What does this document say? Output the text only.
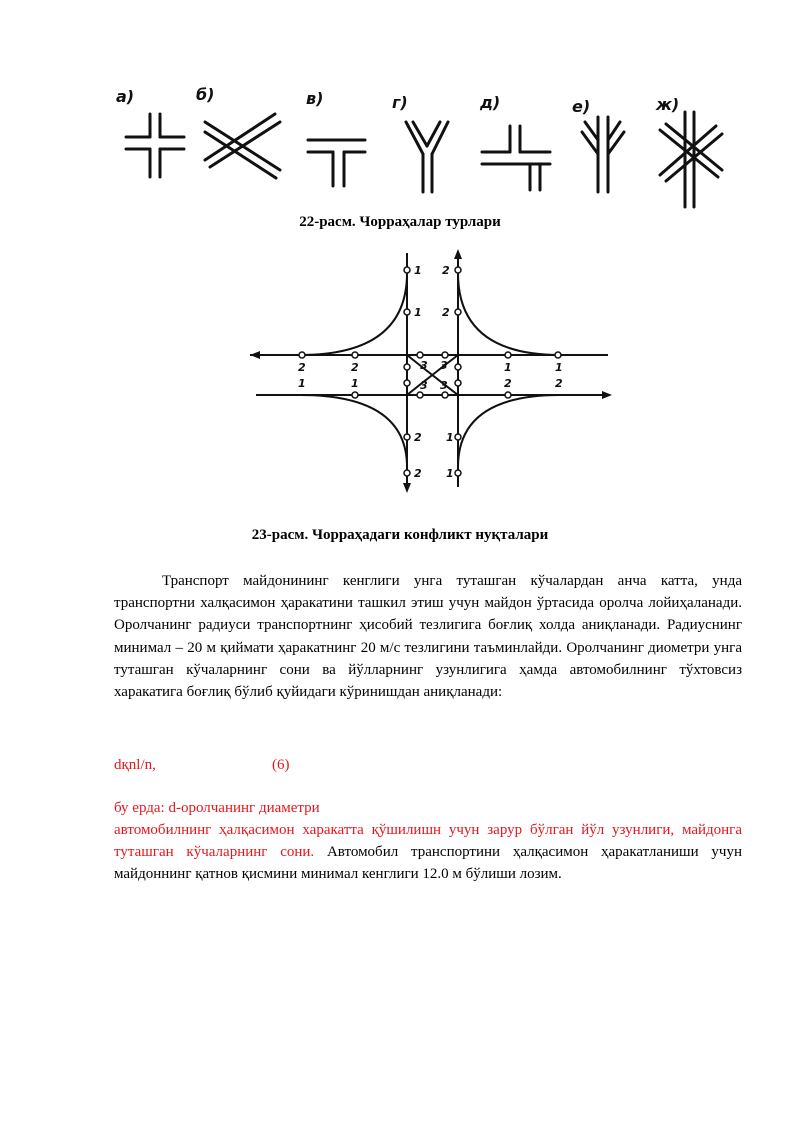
а)	б)	в)	г)	д)	е)	ж)
22-расм. Чорраҳалар турлари
1
1
2
2
2	2	1	1
1	1	2	2
3 3
3 3
2
2
1
1
23-расм. Чорраҳадаги конфликт нуқталари

Транспорт майдонининг кенглиги унга туташган кўчалардан анча катта, унда транспортни халқасимон ҳаракатини ташкил этиш учун майдон ўртасида оролча лойиҳаланади. Оролчанинг радиуси транспортнинг ҳисобий тезлигига боғлиқ холда аниқланади. Радиуснинг минимал – 20 м қиймати ҳаракатнинг 20 м/с тезлигини таъминлайди. Оролчанинг диометри унга туташган кўчаларнинг сони ва йўлларнинг узунлигига ҳамда автомобилнинг тўхтовсиз харакатига боғлиқ бўлиб қуйидаги кўринишдан аниқланади:

dқnl/n,	(6)
бу ерда: d-оролчанинг диаметри

автомобилнинг ҳалқасимон харакатта қўшилишн учун зарур бўлган йўл узунлиги, майдонга туташган кўчаларнинг сони. Автомобил транспортини ҳалқасимон ҳаракатланиши учун майдоннинг қатнов қисмини минимал кенглиги 12.0 м бўлиши лозим.
